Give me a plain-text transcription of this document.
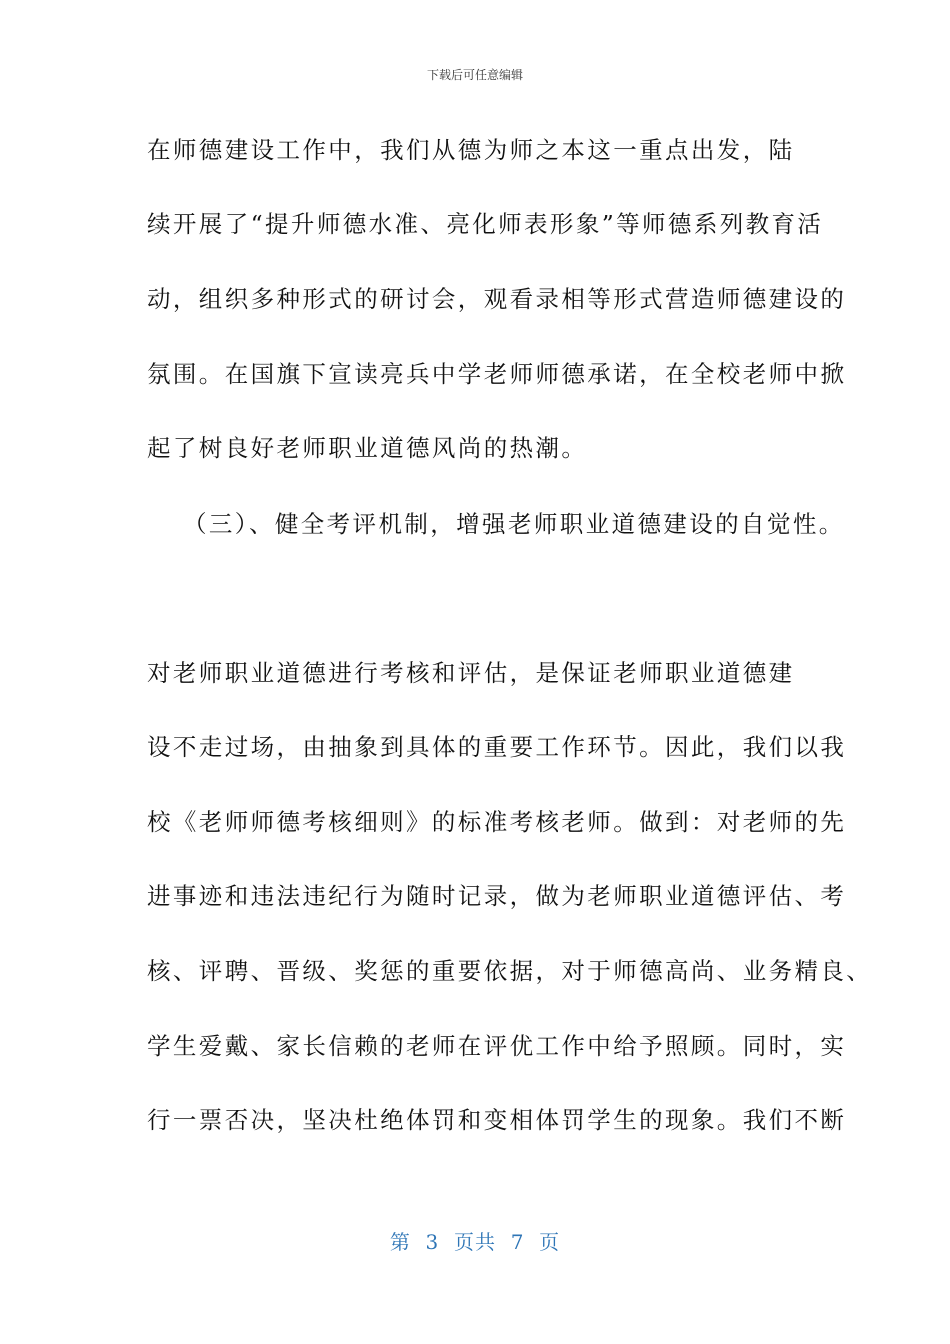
下载后可任意编辑
在师德建设工作中，我们从德为师之本这一重点出发，陆
续开展了“提升师德水准、亮化师表形象”等师德系列教育活
动，组织多种形式的研讨会，观看录相等形式营造师德建设的
氛围。在国旗下宣读亮兵中学老师师德承诺，在全校老师中掀
起了树良好老师职业道德风尚的热潮。
（三）、健全考评机制，增强老师职业道德建设的自觉性。
对老师职业道德进行考核和评估，是保证老师职业道德建
设不走过场，由抽象到具体的重要工作环节。因此，我们以我
校《老师师德考核细则》的标准考核老师。做到：对老师的先
进事迹和违法违纪行为随时记录，做为老师职业道德评估、考
核、评聘、晋级、奖惩的重要依据，对于师德高尚、业务精良、
学生爱戴、家长信赖的老师在评优工作中给予照顾。同时，实
行一票否决，坚决杜绝体罚和变相体罚学生的现象。我们不断
第  3  页共  7  页
